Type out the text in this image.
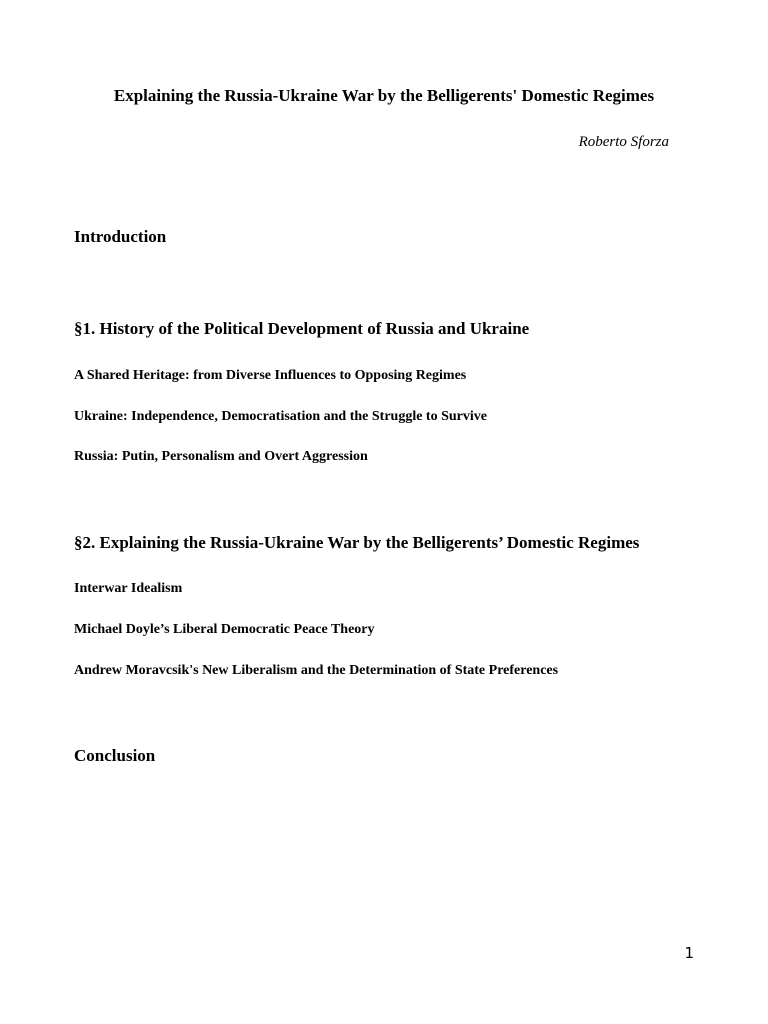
Explaining the Russia-Ukraine War by the Belligerents' Domestic Regimes

Roberto Sforza

Introduction
§1. History of the Political Development of Russia and Ukraine
A Shared Heritage: from Diverse Influences to Opposing Regimes
Ukraine: Independence, Democratisation and the Struggle to Survive
Russia: Putin, Personalism and Overt Aggression
§2. Explaining the Russia-Ukraine War by the Belligerents’ Domestic Regimes
Interwar Idealism
Michael Doyle’s Liberal Democratic Peace Theory
Andrew Moravcsik's New Liberalism and the Determination of State Preferences
Conclusion

1
